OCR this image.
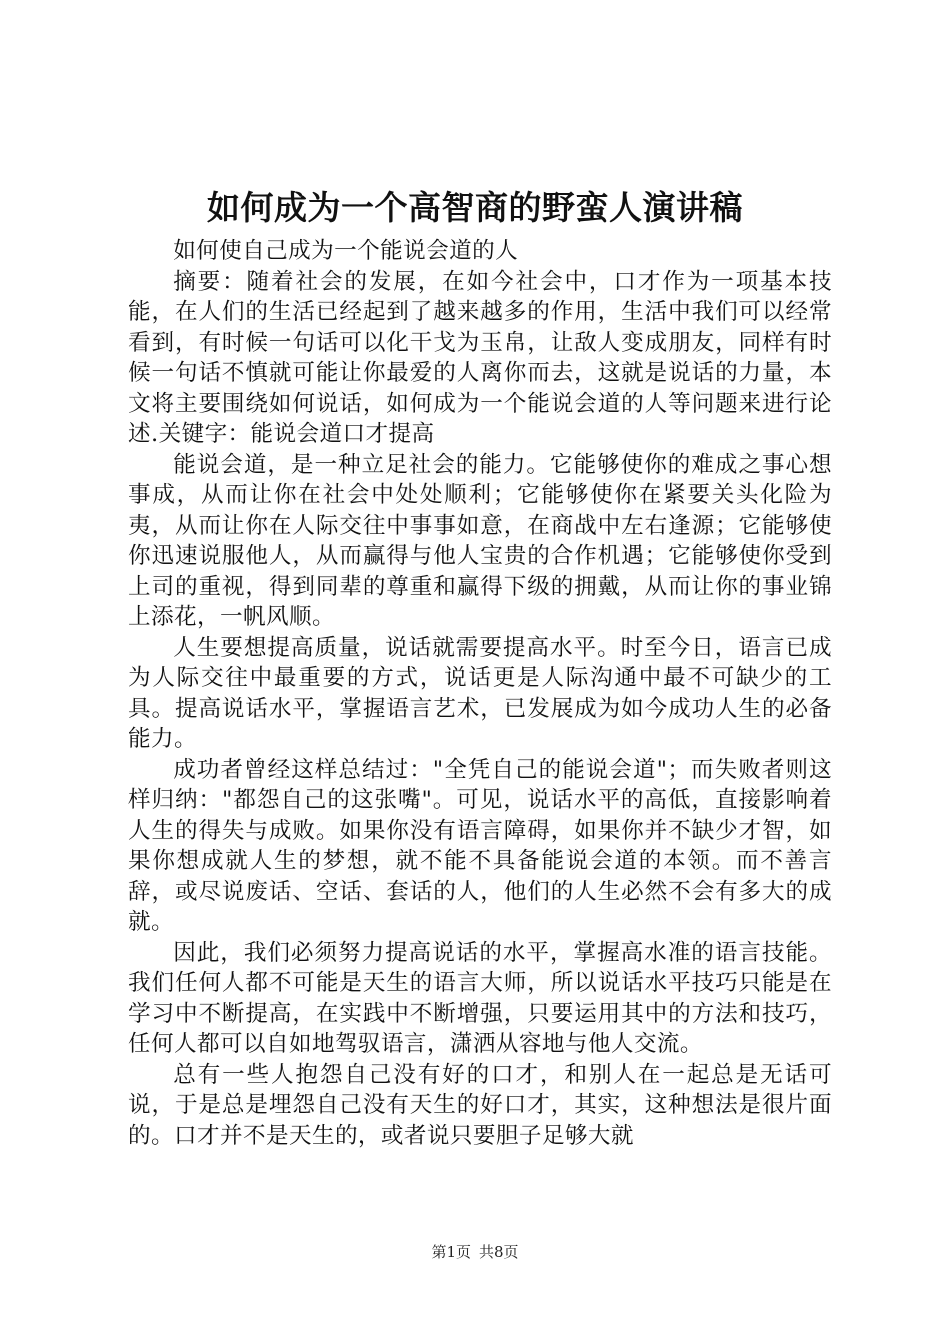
如何成为一个高智商的野蛮人演讲稿

如何使自己成为一个能说会道的人

摘要：随着社会的发展，在如今社会中，口才作为一项基本技能，在人们的生活已经起到了越来越多的作用，生活中我们可以经常看到，有时候一句话可以化干戈为玉帛，让敌人变成朋友，同样有时候一句话不慎就可能让你最爱的人离你而去，这就是说话的力量，本文将主要围绕如何说话，如何成为一个能说会道的人等问题来进行论述.关键字：能说会道口才提高

能说会道，是一种立足社会的能力。它能够使你的难成之事心想事成，从而让你在社会中处处顺利；它能够使你在紧要关头化险为夷，从而让你在人际交往中事事如意，在商战中左右逢源；它能够使你迅速说服他人，从而赢得与他人宝贵的合作机遇；它能够使你受到上司的重视，得到同辈的尊重和赢得下级的拥戴，从而让你的事业锦上添花，一帆风顺。

人生要想提高质量，说话就需要提高水平。时至今日，语言已成为人际交往中最重要的方式，说话更是人际沟通中最不可缺少的工具。提高说话水平，掌握语言艺术，已发展成为如今成功人生的必备能力。

成功者曾经这样总结过："全凭自己的能说会道"；而失败者则这样归纳："都怨自己的这张嘴"。可见，说话水平的高低，直接影响着人生的得失与成败。如果你没有语言障碍，如果你并不缺少才智，如果你想成就人生的梦想，就不能不具备能说会道的本领。而不善言辞，或尽说废话、空话、套话的人，他们的人生必然不会有多大的成就。

因此，我们必须努力提高说话的水平，掌握高水准的语言技能。我们任何人都不可能是天生的语言大师，所以说话水平技巧只能是在学习中不断提高，在实践中不断增强，只要运用其中的方法和技巧，任何人都可以自如地驾驭语言，潇洒从容地与他人交流。

总有一些人抱怨自己没有好的口才，和别人在一起总是无话可说，于是总是埋怨自己没有天生的好口才，其实，这种想法是很片面的。口才并不是天生的，或者说只要胆子足够大就

第1页 共8页
